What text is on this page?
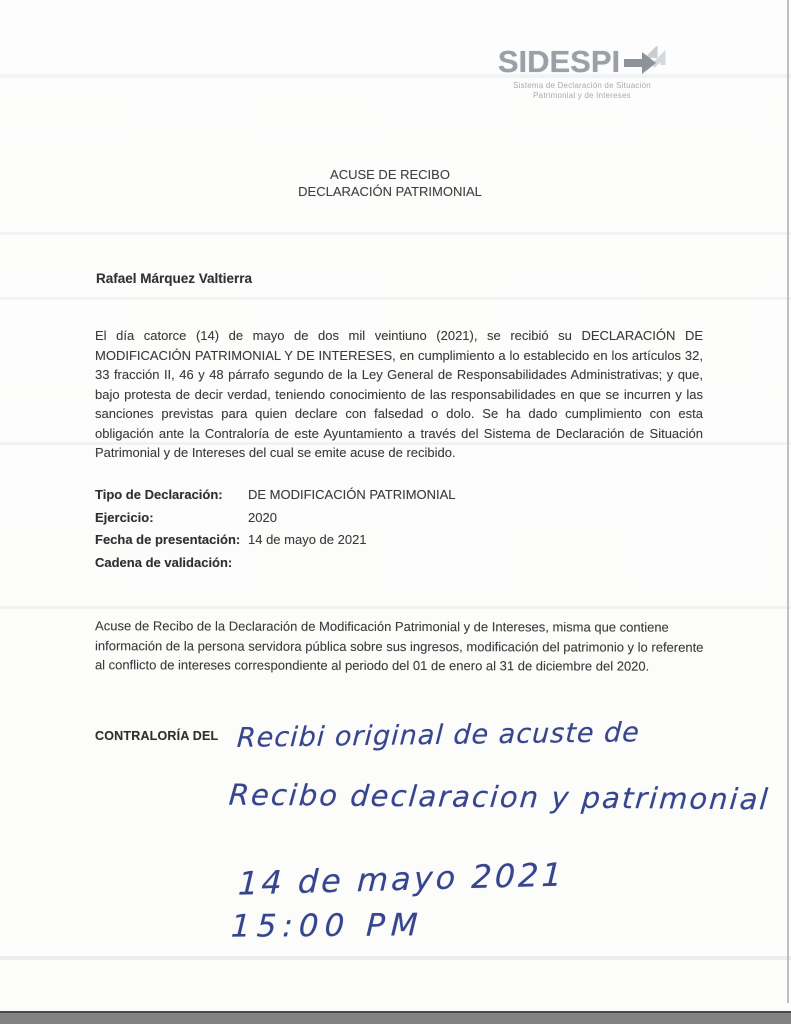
SIDESPI
Sistema de Declaración de Situación
Patrimonial y de Intereses
ACUSE DE RECIBO
DECLARACIÓN PATRIMONIAL
Rafael Márquez Valtierra
El día catorce (14) de mayo de dos mil veintiuno (2021), se recibió su DECLARACIÓN DE MODIFICACIÓN PATRIMONIAL Y DE INTERESES, en cumplimiento a lo establecido en los artículos 32, 33 fracción II, 46 y 48 párrafo segundo de la Ley General de Responsabilidades Administrativas; y que, bajo protesta de decir verdad, teniendo conocimiento de las responsabilidades en que se incurren y las sanciones previstas para quien declare con falsedad o dolo. Se ha dado cumplimiento con esta obligación ante la Contraloría de este Ayuntamiento a través del Sistema de Declaración de Situación Patrimonial y de Intereses del cual se emite acuse de recibido.
Tipo de Declaración:	DE MODIFICACIÓN PATRIMONIAL
Ejercicio:	2020
Fecha de presentación: 14 de mayo de 2021
Cadena de validación:
Acuse de Recibo de la Declaración de Modificación Patrimonial y de Intereses, misma que contiene información de la persona servidora pública sobre sus ingresos, modificación del patrimonio y lo referente al conflicto de intereses correspondiente al periodo del 01 de enero al 31 de diciembre del 2020.
CONTRALORÍA DEL Recibi original de acuste de
Recibo declaracion y patrimonial
14 de mayo 2021
15:00 PM
